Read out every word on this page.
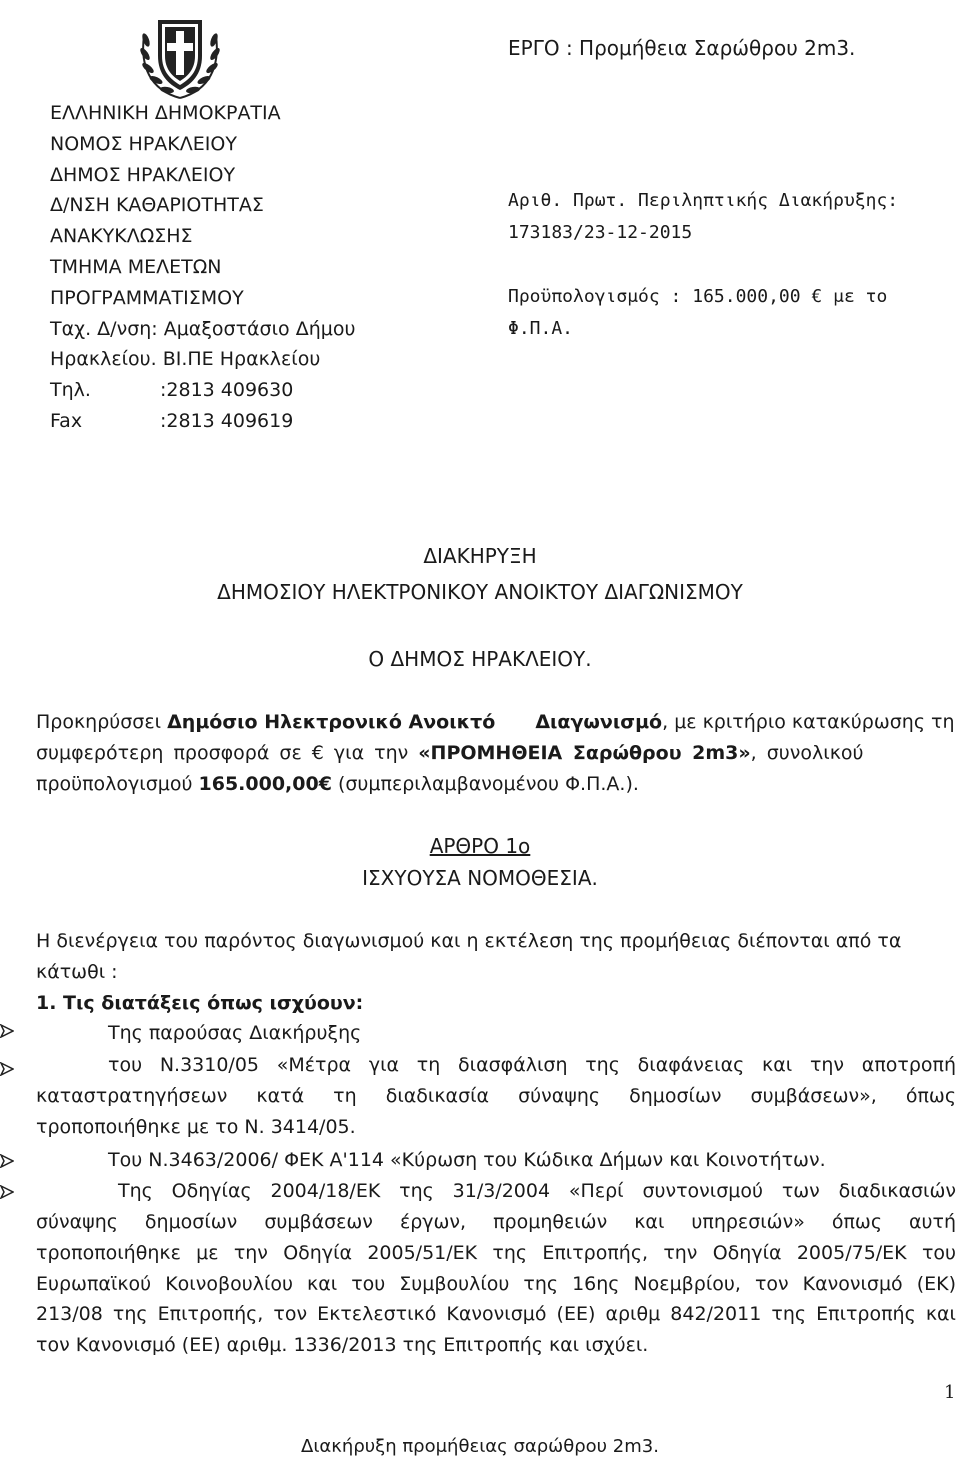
ΕΡΓΟ : Προμήθεια Σαρώθρου 2m3.
ΕΛΛΗΝΙΚΗ ΔΗΜΟΚΡΑΤΙΑ
ΝΟΜΟΣ ΗΡΑΚΛΕΙΟΥ
ΔΗΜΟΣ ΗΡΑΚΛΕΙΟΥ
Δ/ΝΣΗ ΚΑΘΑΡΙΟΤΗΤΑΣ
ΑΝΑΚΥΚΛΩΣΗΣ
ΤΜΗΜΑ ΜΕΛΕΤΩΝ
ΠΡΟΓΡΑΜΜΑΤΙΣΜΟΥ
Ταχ. Δ/νση: Αμαξοστάσιο Δήμου
Ηρακλείου. ΒΙ.ΠΕ Ηρακλείου
Τηλ.	:2813 409630
Fax	:2813 409619
Αριθ. Πρωτ. Περιληπτικής Διακήρυξης:
173183/23-12-2015
Προϋπολογισμός : 165.000,00 € με το
Φ.Π.Α.
ΔΙΑΚΗΡΥΞΗ
ΔΗΜΟΣΙΟΥ ΗΛΕΚΤΡΟΝΙΚΟΥ ΑΝΟΙΚΤΟΥ ΔΙΑΓΩΝΙΣΜΟΥ
Ο ΔΗΜΟΣ ΗΡΑΚΛΕΙΟΥ.
Προκηρύσσει Δημόσιο Ηλεκτρονικό Ανοικτό Διαγωνισμό, με κριτήριο κατακύρωσης τη
συμφερότερη προσφορά σε € για την «ΠΡΟΜΗΘΕΙΑ Σαρώθρου 2m3», συνολικού
προϋπολογισμού 165.000,00€ (συμπεριλαμβανομένου Φ.Π.Α.).
ΑΡΘΡΟ 1ο
ΙΣΧΥΟΥΣΑ ΝΟΜΟΘΕΣΙΑ.
Η διενέργεια του παρόντος διαγωνισμού και η εκτέλεση της προμήθειας διέπονται από τα
κάτωθι :
1. Τις διατάξεις όπως ισχύουν:
Της παρούσας Διακήρυξης
του Ν.3310/05 «Μέτρα για τη διασφάλιση της διαφάνειας και την αποτροπή
καταστρατηγήσεων κατά τη διαδικασία σύναψης δημοσίων συμβάσεων», όπως
τροποποιήθηκε με το Ν. 3414/05.
Του Ν.3463/2006/ ΦΕΚ Α'114 «Κύρωση του Κώδικα Δήμων και Κοινοτήτων.
Της Οδηγίας 2004/18/ΕΚ της 31/3/2004 «Περί συντονισμού των διαδικασιών
σύναψης δημοσίων συμβάσεων έργων, προμηθειών και υπηρεσιών» όπως αυτή
τροποποιήθηκε με την Οδηγία 2005/51/ΕΚ της Επιτροπής, την Οδηγία 2005/75/ΕΚ του
Ευρωπαϊκού Κοινοβουλίου και του Συμβουλίου της 16ης Νοεμβρίου, τον Κανονισμό (ΕΚ)
213/08 της Επιτροπής, τον Εκτελεστικό Κανονισμό (ΕΕ) αριθμ 842/2011 της Επιτροπής και
τον Κανονισμό (ΕΕ) αριθμ. 1336/2013 της Επιτροπής και ισχύει.
1
Διακήρυξη προμήθειας σαρώθρου 2m3.
